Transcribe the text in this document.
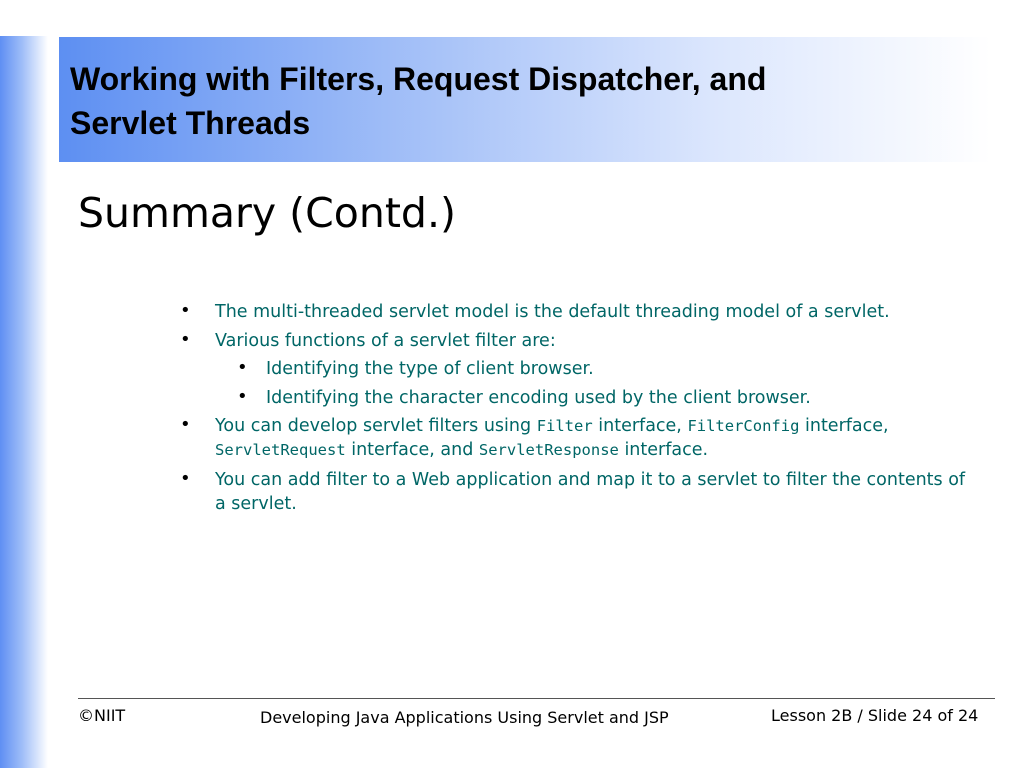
Working with Filters, Request Dispatcher, and
Servlet Threads
Summary (Contd.)
• The multi-threaded servlet model is the default threading model of a servlet.
• Various functions of a servlet filter are:
• Identifying the type of client browser.
• Identifying the character encoding used by the client browser.
• You can develop servlet filters using Filter interface, FilterConfig interface, ServletRequest interface, and ServletResponse interface.
• You can add filter to a Web application and map it to a servlet to filter the contents of a servlet.
©NIIT	Developing Java Applications Using Servlet and JSP	Lesson 2B / Slide 24 of 24
